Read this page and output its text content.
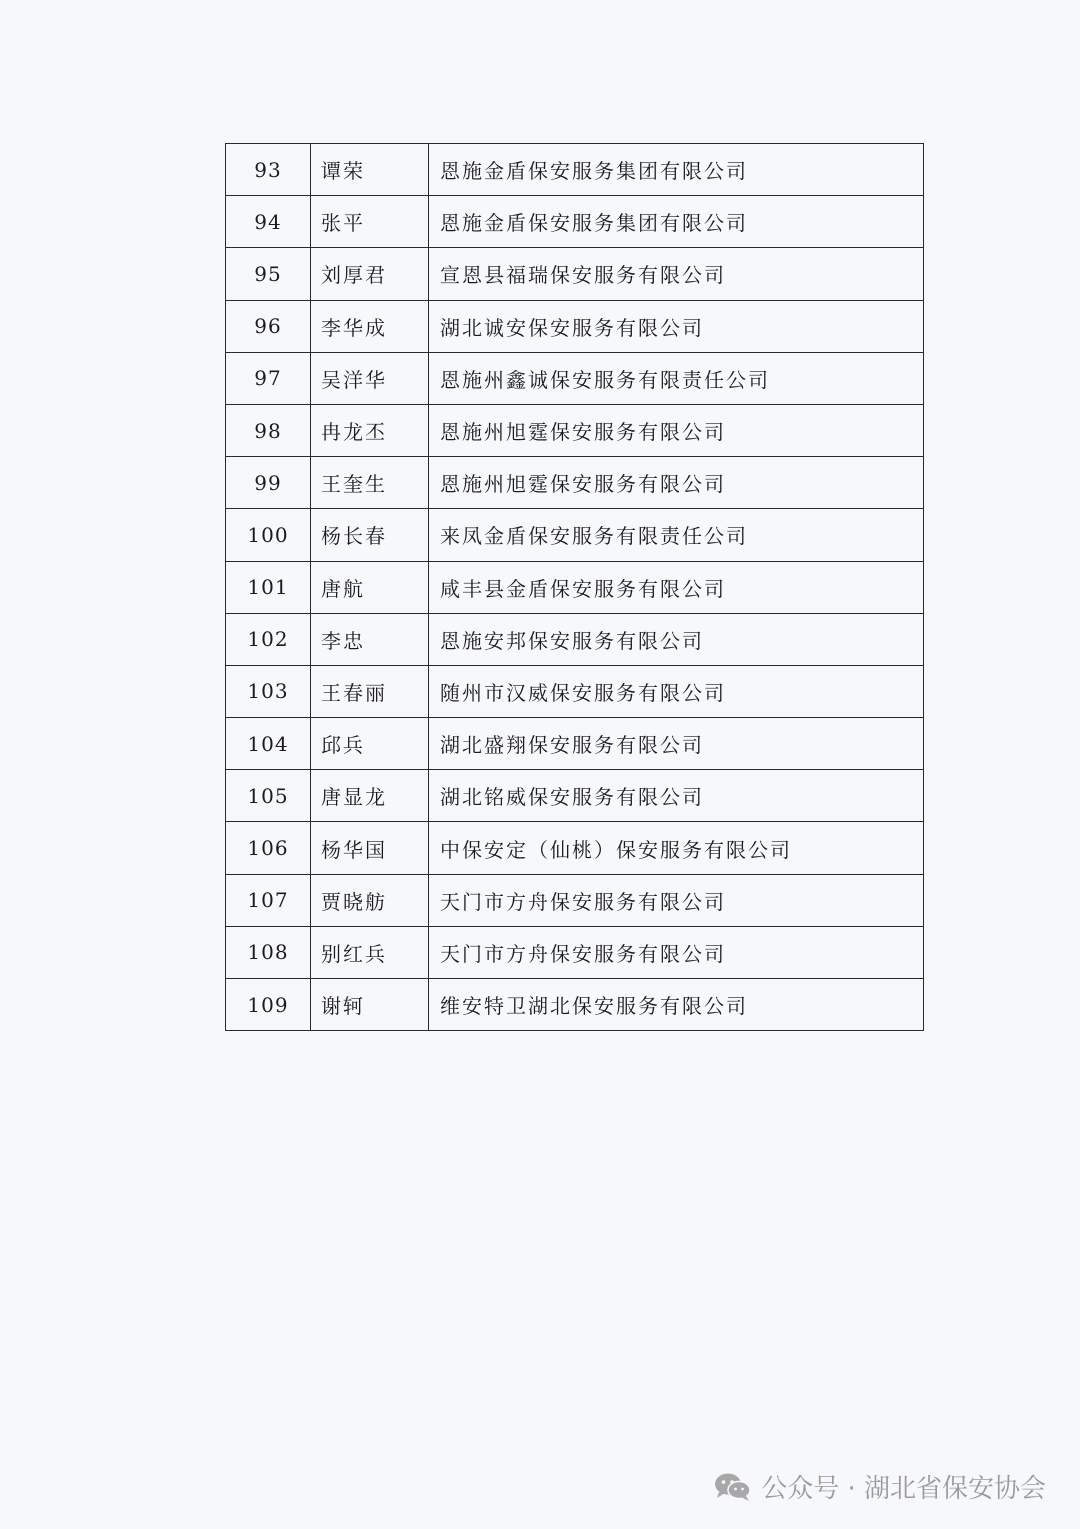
93	谭荣	恩施金盾保安服务集团有限公司
94	张平	恩施金盾保安服务集团有限公司
95	刘厚君	宣恩县福瑞保安服务有限公司
96	李华成	湖北诚安保安服务有限公司
97	吴洋华	恩施州鑫诚保安服务有限责任公司
98	冉龙丕	恩施州旭霆保安服务有限公司
99	王奎生	恩施州旭霆保安服务有限公司
100	杨长春	来凤金盾保安服务有限责任公司
101	唐航	咸丰县金盾保安服务有限公司
102	李忠	恩施安邦保安服务有限公司
103	王春丽	随州市汉威保安服务有限公司
104	邱兵	湖北盛翔保安服务有限公司
105	唐显龙	湖北铭威保安服务有限公司
106	杨华国	中保安定（仙桃）保安服务有限公司
107	贾晓舫	天门市方舟保安服务有限公司
108	别红兵	天门市方舟保安服务有限公司
109	谢轲	维安特卫湖北保安服务有限公司
公众号 · 湖北省保安协会
